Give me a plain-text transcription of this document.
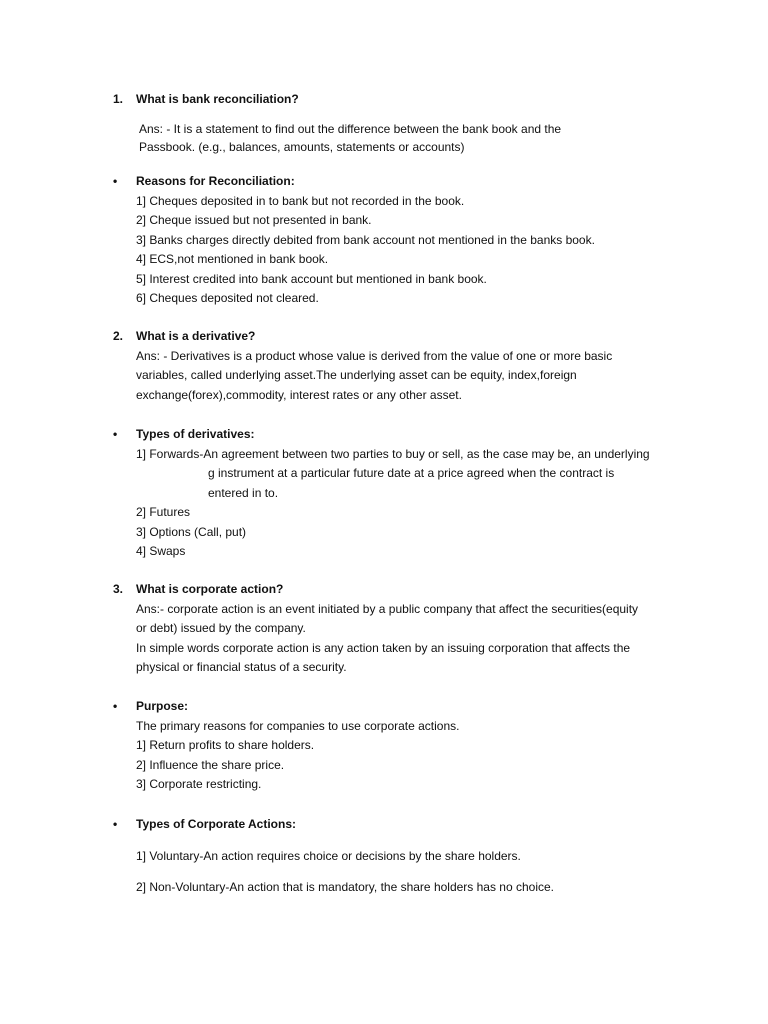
1. What is bank reconciliation?
Ans: - It is a statement to find out the difference between the bank book and the
Passbook. (e.g., balances, amounts, statements or accounts)
• Reasons for Reconciliation:
1] Cheques deposited in to bank but not recorded in the book.
2] Cheque issued but not presented in bank.
3] Banks charges directly debited from bank account not mentioned in the banks book.
4] ECS,not mentioned in bank book.
5] Interest credited into bank account but mentioned in bank book.
6] Cheques deposited not cleared.
2. What is a derivative?
Ans: - Derivatives is a product whose value is derived from the value of one or more basic
variables, called underlying asset.The underlying asset can be equity, index,foreign
exchange(forex),commodity, interest rates or any other asset.
• Types of derivatives:
1] Forwards-An agreement between two parties to buy or sell, as the case may be, an underlying
g instrument at a particular future date at a price agreed when the contract is
entered in to.
2] Futures
3] Options (Call, put)
4] Swaps
3. What is corporate action?
Ans:- corporate action is an event initiated by a public company that affect the securities(equity
or debt) issued by the company.
In simple words corporate action is any action taken by an issuing corporation that affects the
physical or financial status of a security.
• Purpose:
The primary reasons for companies to use corporate actions.
1] Return profits to share holders.
2] Influence the share price.
3] Corporate restricting.
• Types of Corporate Actions:
1] Voluntary-An action requires choice or decisions by the share holders.
2] Non-Voluntary-An action that is mandatory, the share holders has no choice.
